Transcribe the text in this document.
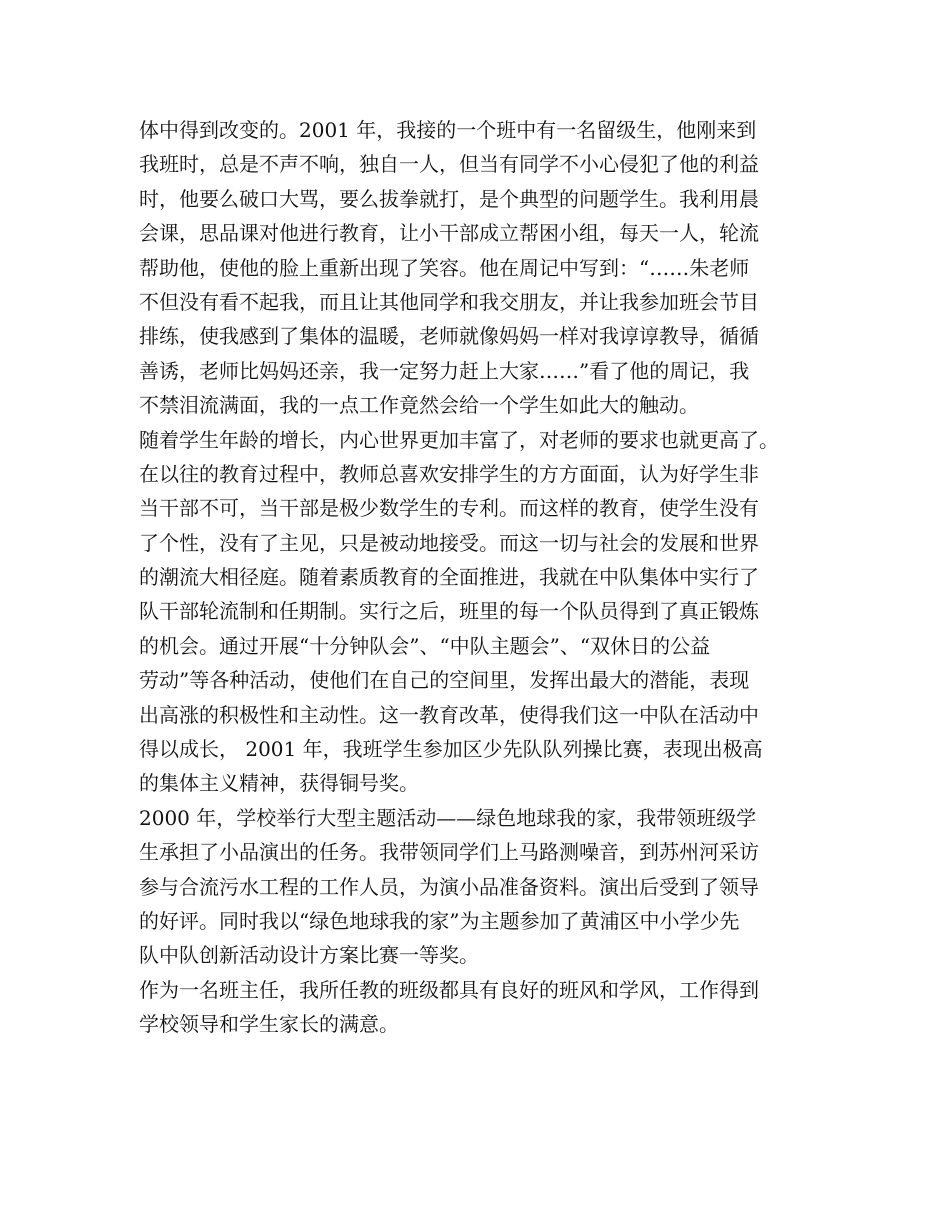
体中得到改变的。2001 年，我接的一个班中有一名留级生，他刚来到
我班时，总是不声不响，独自一人，但当有同学不小心侵犯了他的利益
时，他要么破口大骂，要么拔拳就打，是个典型的问题学生。我利用晨
会课，思品课对他进行教育，让小干部成立帮困小组，每天一人，轮流
帮助他，使他的脸上重新出现了笑容。他在周记中写到：“……朱老师
不但没有看不起我，而且让其他同学和我交朋友，并让我参加班会节目
排练，使我感到了集体的温暖，老师就像妈妈一样对我谆谆教导，循循
善诱，老师比妈妈还亲，我一定努力赶上大家……”看了他的周记，我
不禁泪流满面，我的一点工作竟然会给一个学生如此大的触动。
随着学生年龄的增长，内心世界更加丰富了，对老师的要求也就更高了。
在以往的教育过程中，教师总喜欢安排学生的方方面面，认为好学生非
当干部不可，当干部是极少数学生的专利。而这样的教育，使学生没有
了个性，没有了主见，只是被动地接受。而这一切与社会的发展和世界
的潮流大相径庭。随着素质教育的全面推进，我就在中队集体中实行了
队干部轮流制和任期制。实行之后，班里的每一个队员得到了真正锻炼
的机会。通过开展“十分钟队会”、“中队主题会”、“双休日的公益
劳动”等各种活动，使他们在自己的空间里，发挥出最大的潜能，表现
出高涨的积极性和主动性。这一教育改革，使得我们这一中队在活动中
得以成长， 2001 年，我班学生参加区少先队队列操比赛，表现出极高
的集体主义精神，获得铜号奖。
2000 年，学校举行大型主题活动——绿色地球我的家，我带领班级学
生承担了小品演出的任务。我带领同学们上马路测噪音，到苏州河采访
参与合流污水工程的工作人员，为演小品准备资料。演出后受到了领导
的好评。同时我以“绿色地球我的家”为主题参加了黄浦区中小学少先
队中队创新活动设计方案比赛一等奖。
作为一名班主任，我所任教的班级都具有良好的班风和学风，工作得到
学校领导和学生家长的满意。
